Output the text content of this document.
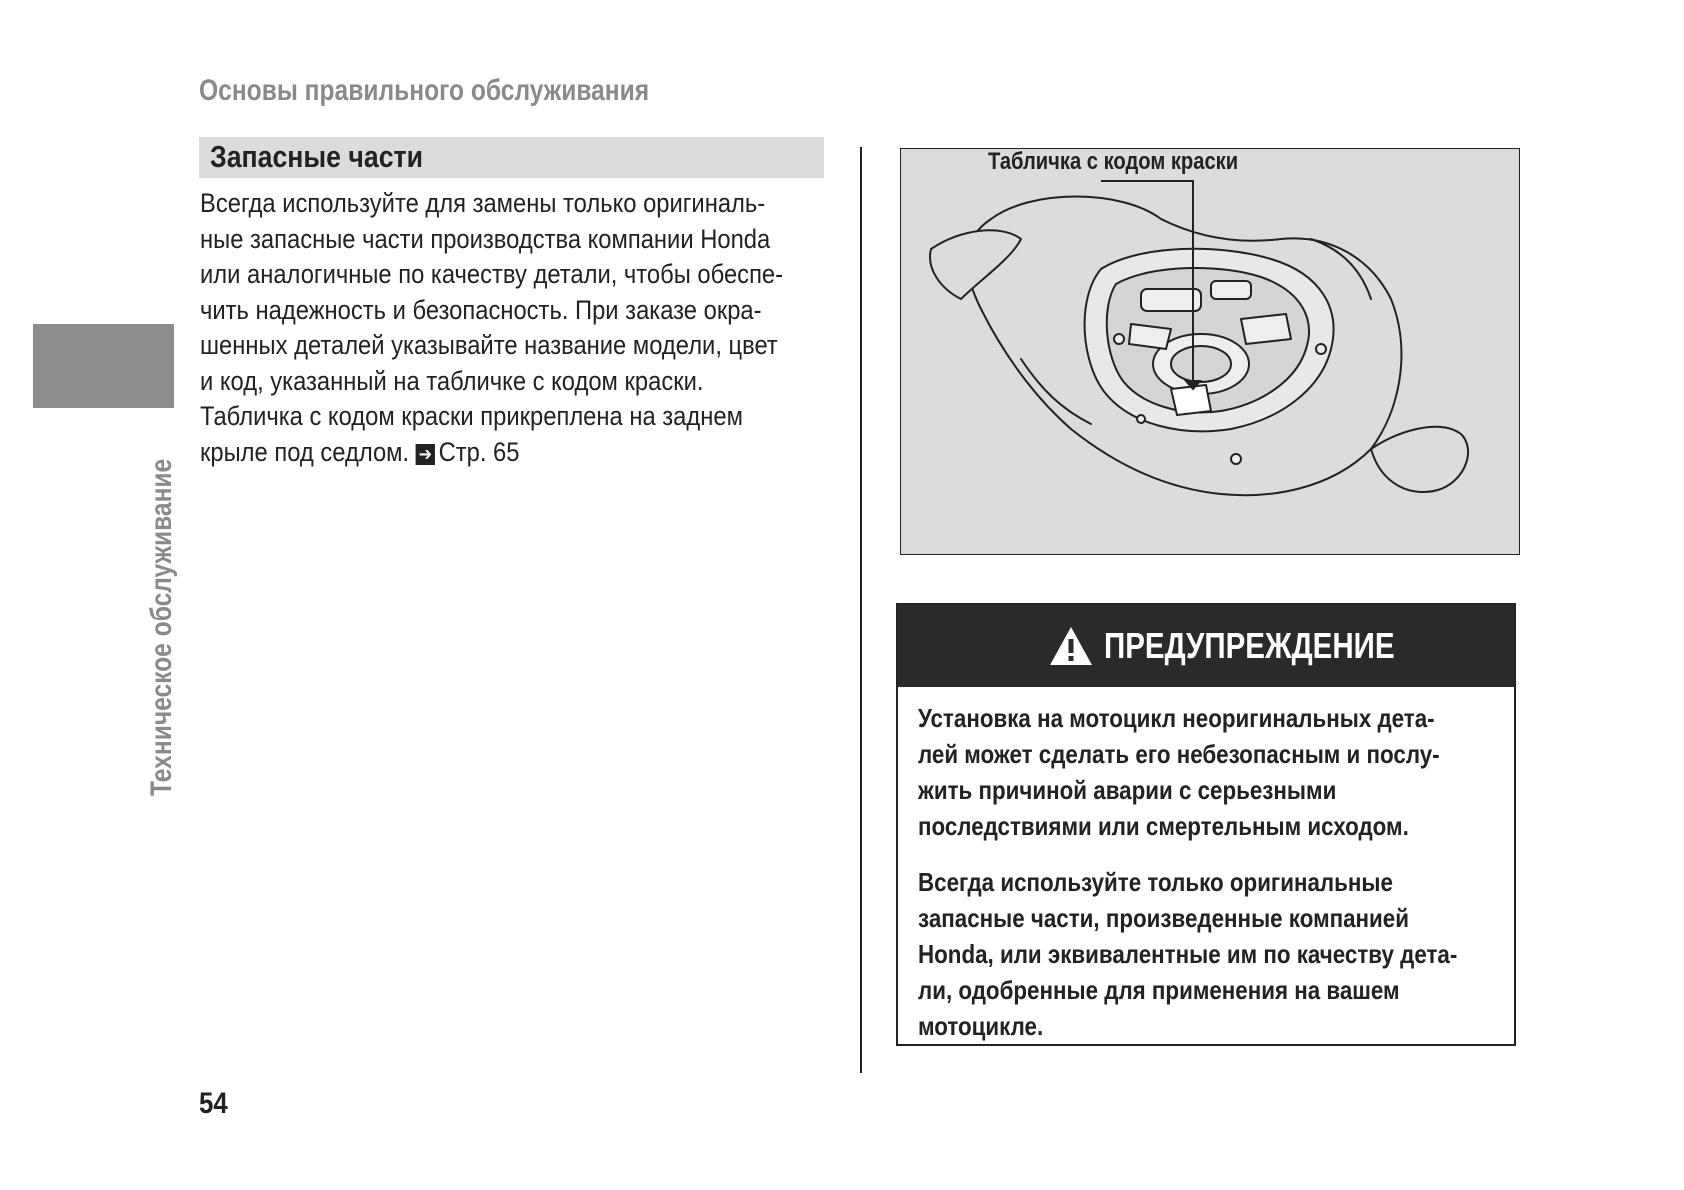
Основы правильного обслуживания
Техническое обслуживание
Запасные части
Всегда используйте для замены только оригиналь-
ные запасные части производства компании Honda
или аналогичные по качеству детали, чтобы обеспе-
чить надежность и безопасность. При заказе окра-
шенных деталей указывайте название модели, цвет
и код, указанный на табличке с кодом краски.
Табличка с кодом краски прикреплена на заднем
крыле под седлом. ➔ Стр. 65
Табличка с кодом краски
ПРЕДУПРЕЖДЕНИЕ
Установка на мотоцикл неоригинальных дета-
лей может сделать его небезопасным и послу-
жить причиной аварии с серьезными
последствиями или смертельным исходом.
Всегда используйте только оригинальные
запасные части, произведенные компанией
Honda, или эквивалентные им по качеству дета-
ли, одобренные для применения на вашем
мотоцикле.
54
